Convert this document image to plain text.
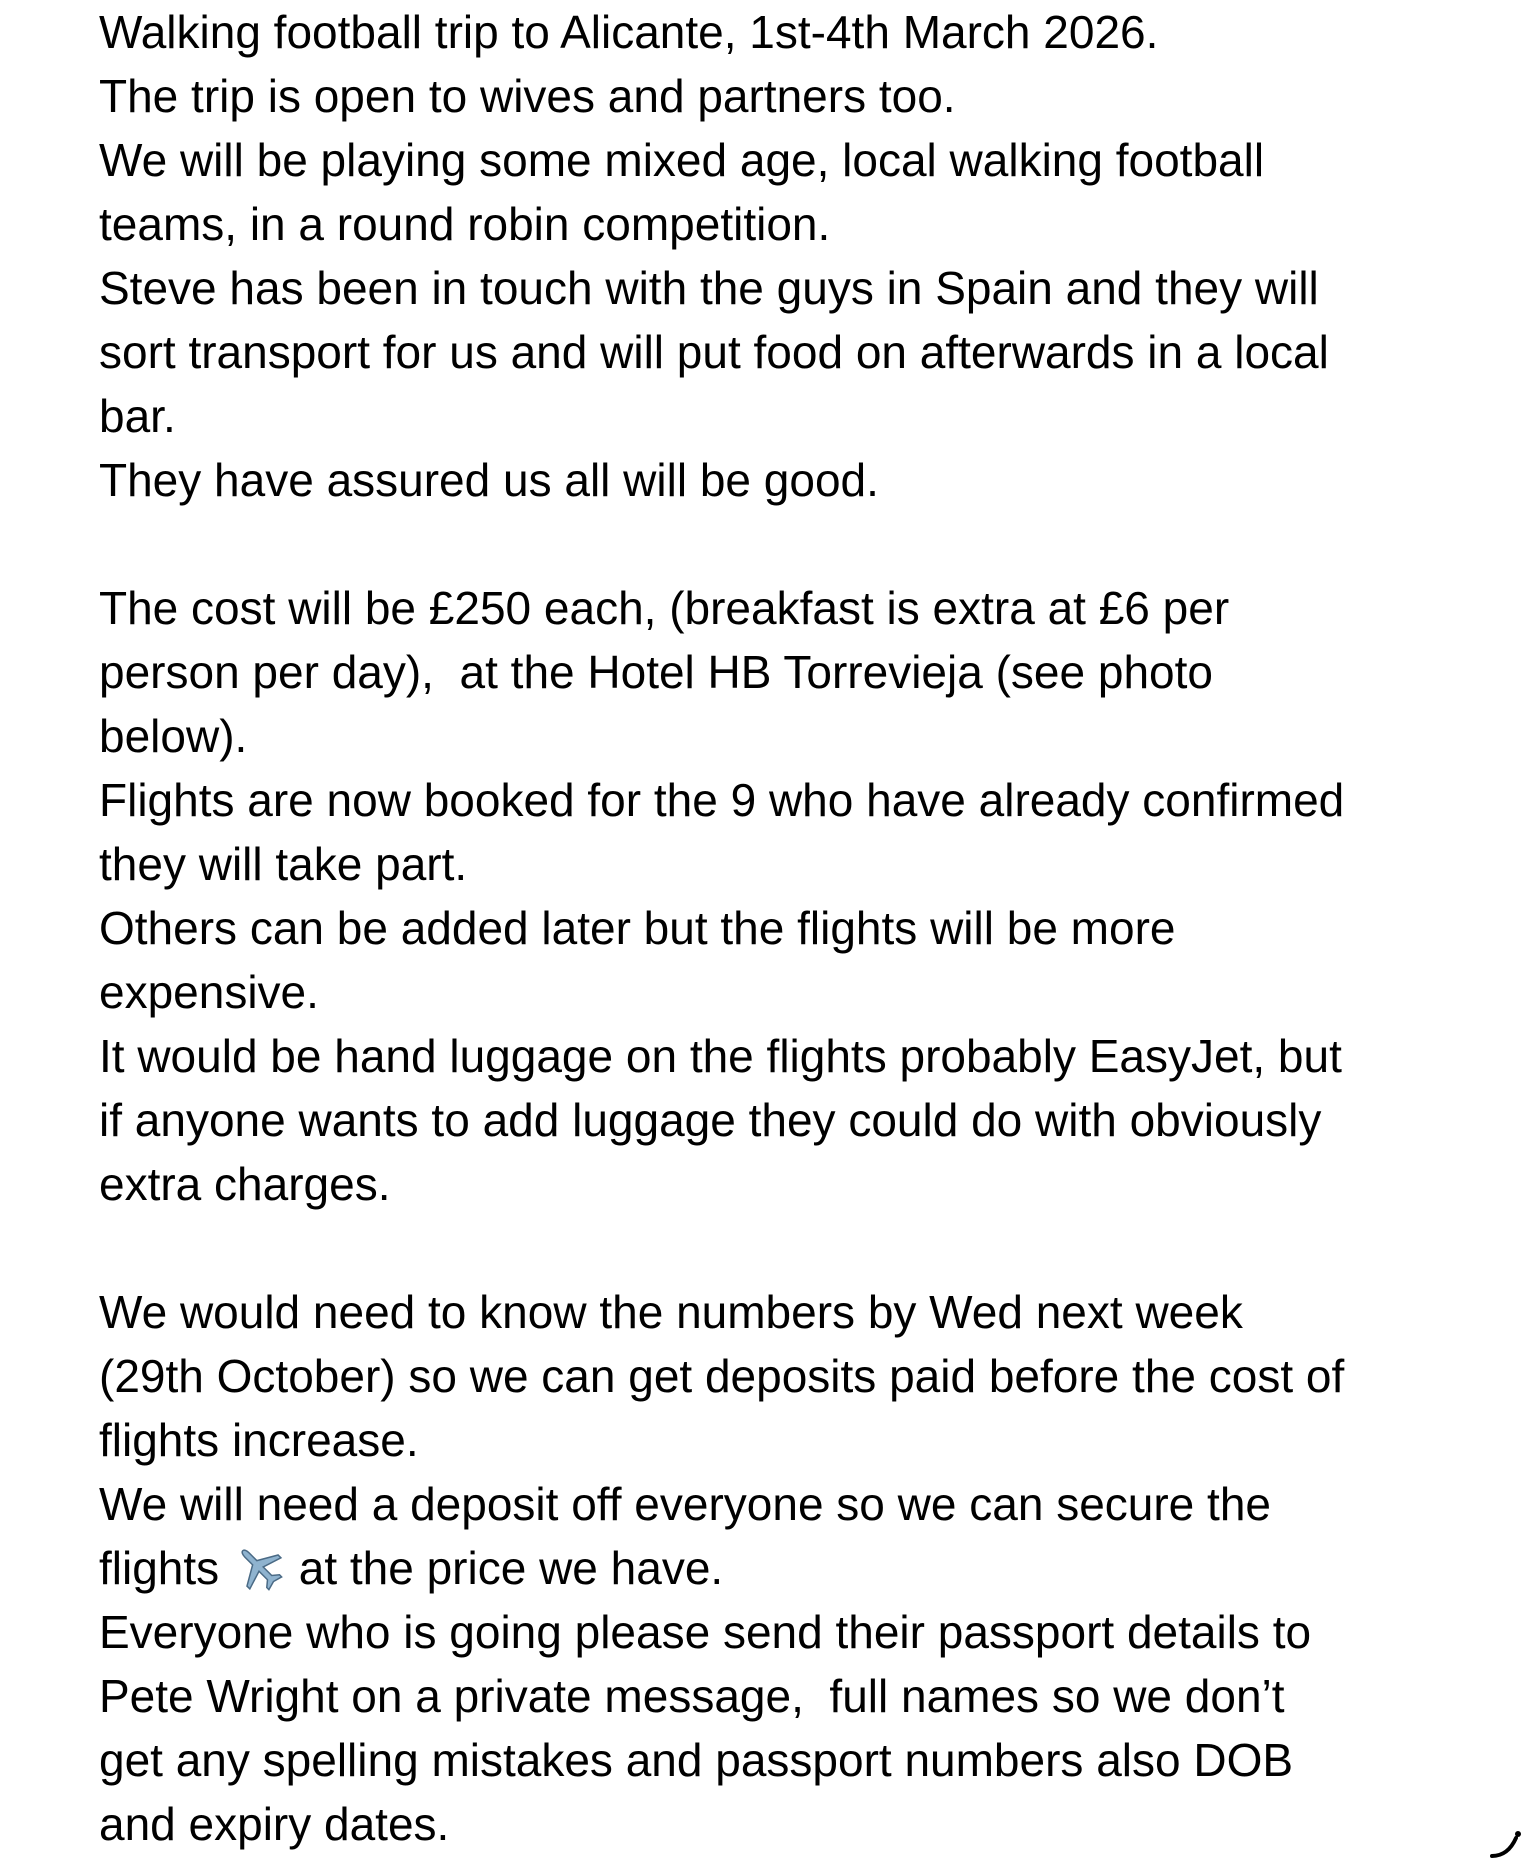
Walking football trip to Alicante, 1st-4th March 2026.
The trip is open to wives and partners too.
We will be playing some mixed age, local walking football
teams, in a round robin competition.
Steve has been in touch with the guys in Spain and they will
sort transport for us and will put food on afterwards in a local
bar.
They have assured us all will be good.
The cost will be £250 each, (breakfast is extra at £6 per
person per day),  at the Hotel HB Torrevieja (see photo
below).
Flights are now booked for the 9 who have already confirmed
they will take part.
Others can be added later but the flights will be more
expensive.
It would be hand luggage on the flights probably EasyJet, but
if anyone wants to add luggage they could do with obviously
extra charges.
We would need to know the numbers by Wed next week
(29th October) so we can get deposits paid before the cost of
flights increase.
We will need a deposit off everyone so we can secure the
flights  at the price we have.
Everyone who is going please send their passport details to
Pete Wright on a private message,  full names so we don’t
get any spelling mistakes and passport numbers also DOB
and expiry dates.
